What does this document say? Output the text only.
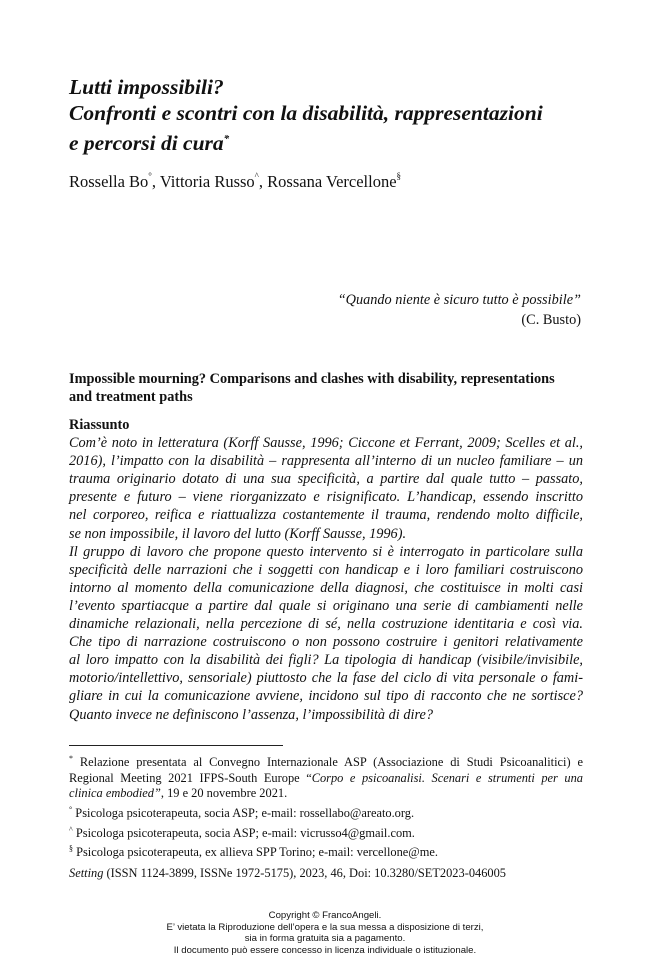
Lutti impossibili?
Confronti e scontri con la disabilità, rappresentazioni
e percorsi di cura*
Rossella Bo°, Vittoria Russo^, Rossana Vercellone§
“Quando niente è sicuro tutto è possibile”
(C. Busto)
Impossible mourning? Comparisons and clashes with disability, representations
and treatment paths
Riassunto
Com’è noto in letteratura (Korff Sausse, 1996; Ciccone et Ferrant, 2009; Scelles et al.,
2016), l’impatto con la disabilità – rappresenta all’interno di un nucleo familiare – un
trauma originario dotato di una sua specificità, a partire dal quale tutto – passato,
presente e futuro – viene riorganizzato e risignificato. L’handicap, essendo inscritto
nel corporeo, reifica e riattualizza costantemente il trauma, rendendo molto difficile,
se non impossibile, il lavoro del lutto (Korff Sausse, 1996).
Il gruppo di lavoro che propone questo intervento si è interrogato in particolare sulla
specificità delle narrazioni che i soggetti con handicap e i loro familiari costruiscono
intorno al momento della comunicazione della diagnosi, che costituisce in molti casi
l’evento spartiacque a partire dal quale si originano una serie di cambiamenti nelle
dinamiche relazionali, nella percezione di sé, nella costruzione identitaria e così via.
Che tipo di narrazione costruiscono o non possono costruire i genitori relativamente
al loro impatto con la disabilità dei figli? La tipologia di handicap (visibile/invisibile,
motorio/intellettivo, sensoriale) piuttosto che la fase del ciclo di vita personale o fami-
gliare in cui la comunicazione avviene, incidono sul tipo di racconto che ne sortisce?
Quanto invece ne definiscono l’assenza, l’impossibilità di dire?
* Relazione presentata al Convegno Internazionale ASP (Associazione di Studi Psicoanalitici) e
Regional Meeting 2021 IFPS-South Europe “Corpo e psicoanalisi. Scenari e strumenti per una
clinica embodied”, 19 e 20 novembre 2021.
° Psicologa psicoterapeuta, socia ASP; e-mail: rossellabo@areato.org.
^ Psicologa psicoterapeuta, socia ASP; e-mail: vicrusso4@gmail.com.
§ Psicologa psicoterapeuta, ex allieva SPP Torino; e-mail: vercellone@me.
Setting (ISSN 1124-3899, ISSNe 1972-5175), 2023, 46, Doi: 10.3280/SET2023-046005
Copyright © FrancoAngeli.
E’ vietata la Riproduzione dell’opera e la sua messa a disposizione di terzi,
sia in forma gratuita sia a pagamento.
Il documento può essere concesso in licenza individuale o istituzionale.
